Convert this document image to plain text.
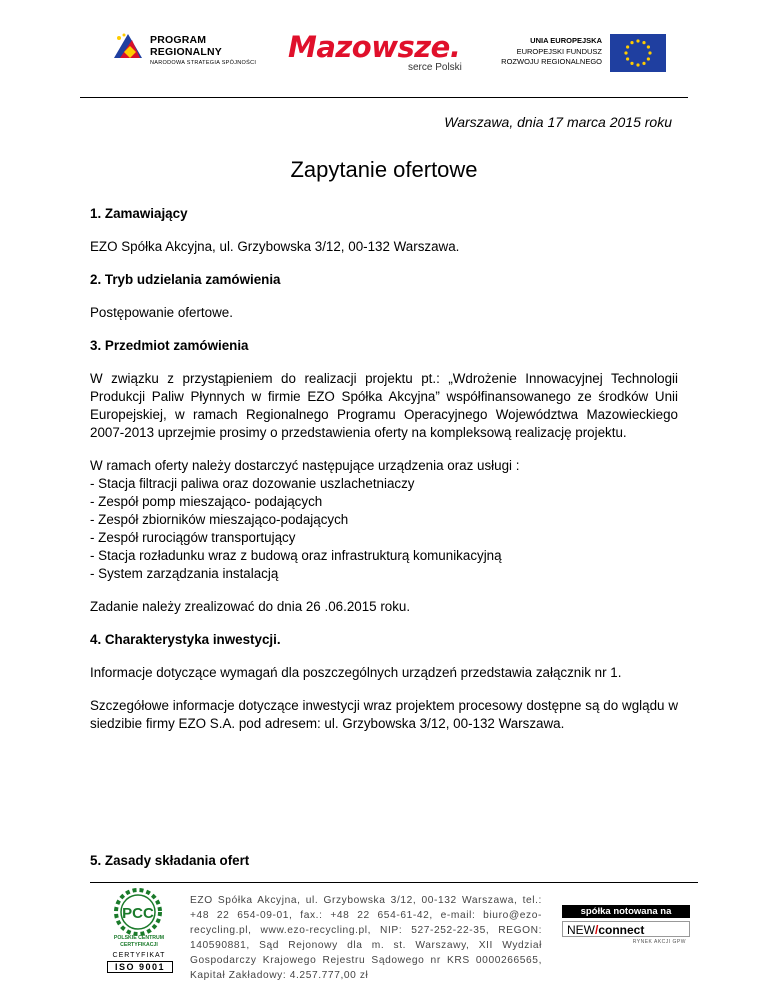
PROGRAM
REGIONALNY
NARODOWA STRATEGIA SPÓJNOŚCI Mazowsze.
serce Polski
UNIA EUROPEJSKA
EUROPEJSKI FUNDUSZ
ROZWOJU REGIONALNEGO
Warszawa, dnia 17 marca 2015 roku
Zapytanie ofertowe

1. Zamawiający

EZO Spółka Akcyjna, ul. Grzybowska 3/12, 00-132 Warszawa.

2. Tryb udzielania zamówienia

Postępowanie ofertowe.

3. Przedmiot zamówienia

W związku z przystąpieniem do realizacji projektu pt.: „Wdrożenie Innowacyjnej Technologii Produkcji Paliw Płynnych w firmie EZO Spółka Akcyjna” współfinansowanego ze środków Unii Europejskiej, w ramach Regionalnego Programu Operacyjnego Województwa Mazowieckiego 2007-2013 uprzejmie prosimy o przedstawienia oferty na kompleksową realizację projektu.

W ramach oferty należy dostarczyć następujące urządzenia oraz usługi :

- Stacja filtracji paliwa oraz dozowanie uszlachetniaczy
- Zespół pomp mieszająco- podających
- Zespół zbiorników mieszająco-podających
- Zespół rurociągów transportujący
- Stacja rozładunku wraz z budową oraz infrastrukturą komunikacyjną
- System zarządzania instalacją

Zadanie należy zrealizować do dnia 26 .06.2015 roku.

4. Charakterystyka inwestycji.

Informacje dotyczące wymagań dla poszczególnych urządzeń przedstawia załącznik nr 1.

Szczegółowe informacje dotyczące inwestycji wraz projektem procesowy dostępne są do wglądu w siedzibie firmy EZO S.A. pod adresem: ul. Grzybowska 3/12, 00-132 Warszawa.

5. Zasady składania ofert
PCC
POLSKIE CENTRUM
CERTYFIKACJI
CERTYFIKAT
ISO 9001
EZO Spółka Akcyjna, ul. Grzybowska 3/12, 00-132 Warszawa, tel.: +48 22 654-09-01, fax.: +48 22 654-61-42, e-mail: biuro@ezo-recycling.pl, www.ezo-recycling.pl, NIP: 527-252-22-35, REGON: 140590881, Sąd Rejonowy dla m. st. Warszawy, XII Wydział Gospodarczy Krajowego Rejestru Sądowego nr KRS 0000266565, Kapitał Zakładowy: 4.257.777,00 zł
spółka notowana na
NEW/connect
RYNEK AKCJI GPW
